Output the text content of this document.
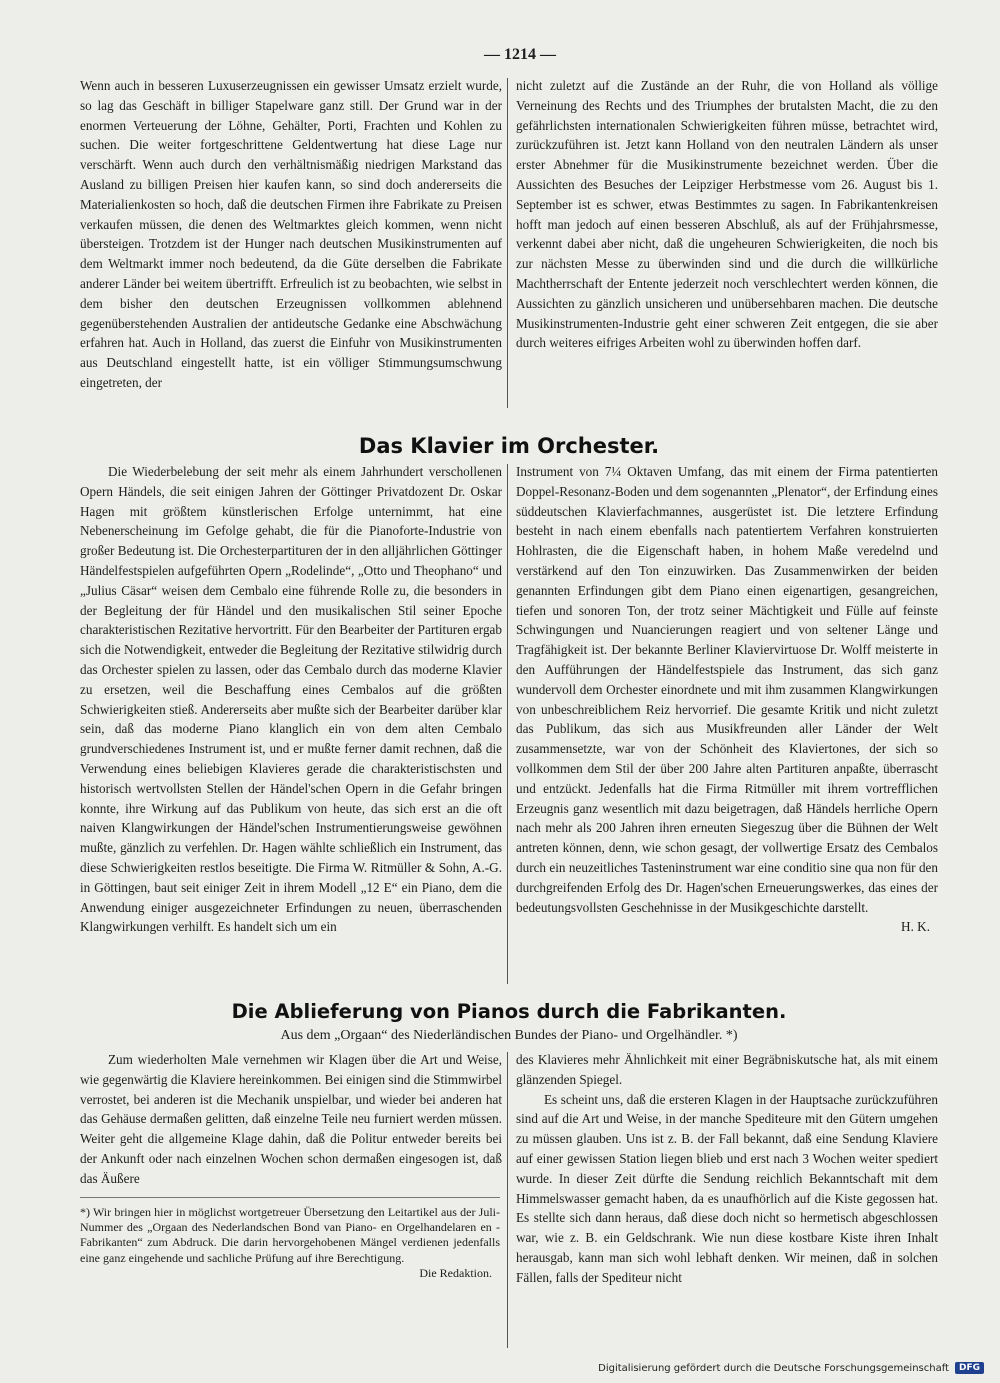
— 1214 —

Wenn auch in besseren Luxuserzeugnissen ein gewisser Umsatz erzielt wurde, so lag das Geschäft in billiger Stapelware ganz still. Der Grund war in der enormen Verteuerung der Löhne, Gehälter, Porti, Frachten und Kohlen zu suchen. Die weiter fortgeschrittene Geldentwertung hat diese Lage nur verschärft. Wenn auch durch den verhältnismäßig niedrigen Markstand das Ausland zu billigen Preisen hier kaufen kann, so sind doch andererseits die Materialienkosten so hoch, daß die deutschen Firmen ihre Fabrikate zu Preisen verkaufen müssen, die denen des Weltmarktes gleich kommen, wenn nicht übersteigen. Trotzdem ist der Hunger nach deutschen Musikinstrumenten auf dem Weltmarkt immer noch bedeutend, da die Güte derselben die Fabrikate anderer Länder bei weitem übertrifft. Erfreulich ist zu beobachten, wie selbst in dem bisher den deutschen Erzeugnissen vollkommen ablehnend gegenüberstehenden Australien der antideutsche Gedanke eine Abschwächung erfahren hat. Auch in Holland, das zuerst die Einfuhr von Musikinstrumenten aus Deutschland eingestellt hatte, ist ein völliger Stimmungsumschwung eingetreten, der

nicht zuletzt auf die Zustände an der Ruhr, die von Holland als völlige Verneinung des Rechts und des Triumphes der brutalsten Macht, die zu den gefährlichsten internationalen Schwierigkeiten führen müsse, betrachtet wird, zurückzuführen ist. Jetzt kann Holland von den neutralen Ländern als unser erster Abnehmer für die Musikinstrumente bezeichnet werden. Über die Aussichten des Besuches der Leipziger Herbstmesse vom 26. August bis 1. September ist es schwer, etwas Bestimmtes zu sagen. In Fabrikantenkreisen hofft man jedoch auf einen besseren Abschluß, als auf der Frühjahrsmesse, verkennt dabei aber nicht, daß die ungeheuren Schwierigkeiten, die noch bis zur nächsten Messe zu überwinden sind und die durch die willkürliche Machtherrschaft der Entente jederzeit noch verschlechtert werden können, die Aussichten zu gänzlich unsicheren und unübersehbaren machen. Die deutsche Musikinstrumenten-Industrie geht einer schweren Zeit entgegen, die sie aber durch weiteres eifriges Arbeiten wohl zu überwinden hoffen darf.

Das Klavier im Orchester.

Die Wiederbelebung der seit mehr als einem Jahrhundert verschollenen Opern Händels, die seit einigen Jahren der Göttinger Privatdozent Dr. Oskar Hagen mit größtem künstlerischen Erfolge unternimmt, hat eine Nebenerscheinung im Gefolge gehabt, die für die Pianoforte-Industrie von großer Bedeutung ist. Die Orchesterpartituren der in den alljährlichen Göttinger Händelfestspielen aufgeführten Opern „Rodelinde“, „Otto und Theophano“ und „Julius Cäsar“ weisen dem Cembalo eine führende Rolle zu, die besonders in der Begleitung der für Händel und den musikalischen Stil seiner Epoche charakteristischen Rezitative hervortritt. Für den Bearbeiter der Partituren ergab sich die Notwendigkeit, entweder die Begleitung der Rezitative stilwidrig durch das Orchester spielen zu lassen, oder das Cembalo durch das moderne Klavier zu ersetzen, weil die Beschaffung eines Cembalos auf die größten Schwierigkeiten stieß. Andererseits aber mußte sich der Bearbeiter darüber klar sein, daß das moderne Piano klanglich ein von dem alten Cembalo grundverschiedenes Instrument ist, und er mußte ferner damit rechnen, daß die Verwendung eines beliebigen Klavieres gerade die charakteristischsten und historisch wertvollsten Stellen der Händel'schen Opern in die Gefahr bringen konnte, ihre Wirkung auf das Publikum von heute, das sich erst an die oft naiven Klangwirkungen der Händel'schen Instrumentierungsweise gewöhnen mußte, gänzlich zu verfehlen. Dr. Hagen wählte schließlich ein Instrument, das diese Schwierigkeiten restlos beseitigte. Die Firma W. Ritmüller & Sohn, A.-G. in Göttingen, baut seit einiger Zeit in ihrem Modell „12 E“ ein Piano, dem die Anwendung einiger ausgezeichneter Erfindungen zu neuen, überraschenden Klangwirkungen verhilft. Es handelt sich um ein

Instrument von 7¼ Oktaven Umfang, das mit einem der Firma patentierten Doppel-Resonanz-Boden und dem sogenannten „Plenator“, der Erfindung eines süddeutschen Klavierfachmannes, ausgerüstet ist. Die letztere Erfindung besteht in nach einem ebenfalls nach patentiertem Verfahren konstruierten Hohlrasten, die die Eigenschaft haben, in hohem Maße veredelnd und verstärkend auf den Ton einzuwirken. Das Zusammenwirken der beiden genannten Erfindungen gibt dem Piano einen eigenartigen, gesangreichen, tiefen und sonoren Ton, der trotz seiner Mächtigkeit und Fülle auf feinste Schwingungen und Nuancierungen reagiert und von seltener Länge und Tragfähigkeit ist. Der bekannte Berliner Klaviervirtuose Dr. Wolff meisterte in den Aufführungen der Händelfestspiele das Instrument, das sich ganz wundervoll dem Orchester einordnete und mit ihm zusammen Klangwirkungen von unbeschreiblichem Reiz hervorrief. Die gesamte Kritik und nicht zuletzt das Publikum, das sich aus Musikfreunden aller Länder der Welt zusammensetzte, war von der Schönheit des Klaviertones, der sich so vollkommen dem Stil der über 200 Jahre alten Partituren anpaßte, überrascht und entzückt. Jedenfalls hat die Firma Ritmüller mit ihrem vortrefflichen Erzeugnis ganz wesentlich mit dazu beigetragen, daß Händels herrliche Opern nach mehr als 200 Jahren ihren erneuten Siegeszug über die Bühnen der Welt antreten können, denn, wie schon gesagt, der vollwertige Ersatz des Cembalos durch ein neuzeitliches Tasteninstrument war eine conditio sine qua non für den durchgreifenden Erfolg des Dr. Hagen'schen Erneuerungswerkes, das eines der bedeutungsvollsten Geschehnisse in der Musikgeschichte darstellt.

H. K.

Die Ablieferung von Pianos durch die Fabrikanten.
Aus dem „Orgaan“ des Niederländischen Bundes der Piano- und Orgelhändler. *)

Zum wiederholten Male vernehmen wir Klagen über die Art und Weise, wie gegenwärtig die Klaviere hereinkommen. Bei einigen sind die Stimmwirbel verrostet, bei anderen ist die Mechanik unspielbar, und wieder bei anderen hat das Gehäuse dermaßen gelitten, daß einzelne Teile neu furniert werden müssen. Weiter geht die allgemeine Klage dahin, daß die Politur entweder bereits bei der Ankunft oder nach einzelnen Wochen schon dermaßen eingesogen ist, daß das Äußere

des Klavieres mehr Ähnlichkeit mit einer Begräbniskutsche hat, als mit einem glänzenden Spiegel.

Es scheint uns, daß die ersteren Klagen in der Hauptsache zurückzuführen sind auf die Art und Weise, in der manche Spediteure mit den Gütern umgehen zu müssen glauben. Uns ist z. B. der Fall bekannt, daß eine Sendung Klaviere auf einer gewissen Station liegen blieb und erst nach 3 Wochen weiter spediert wurde. In dieser Zeit dürfte die Sendung reichlich Bekanntschaft mit dem Himmelswasser gemacht haben, da es unaufhörlich auf die Kiste gegossen hat. Es stellte sich dann heraus, daß diese doch nicht so hermetisch abgeschlossen war, wie z. B. ein Geldschrank. Wie nun diese kostbare Kiste ihren Inhalt herausgab, kann man sich wohl lebhaft denken. Wir meinen, daß in solchen Fällen, falls der Spediteur nicht

*) Wir bringen hier in möglichst wortgetreuer Übersetzung den Leitartikel aus der Juli-Nummer des „Orgaan des Nederlandschen Bond van Piano- en Orgelhandelaren en -Fabrikanten“ zum Abdruck. Die darin hervorgehobenen Mängel verdienen jedenfalls eine ganz eingehende und sachliche Prüfung auf ihre Berechtigung.

Die Redaktion.

Digitalisierung gefördert durch die Deutsche Forschungsgemeinschaft	DFG
